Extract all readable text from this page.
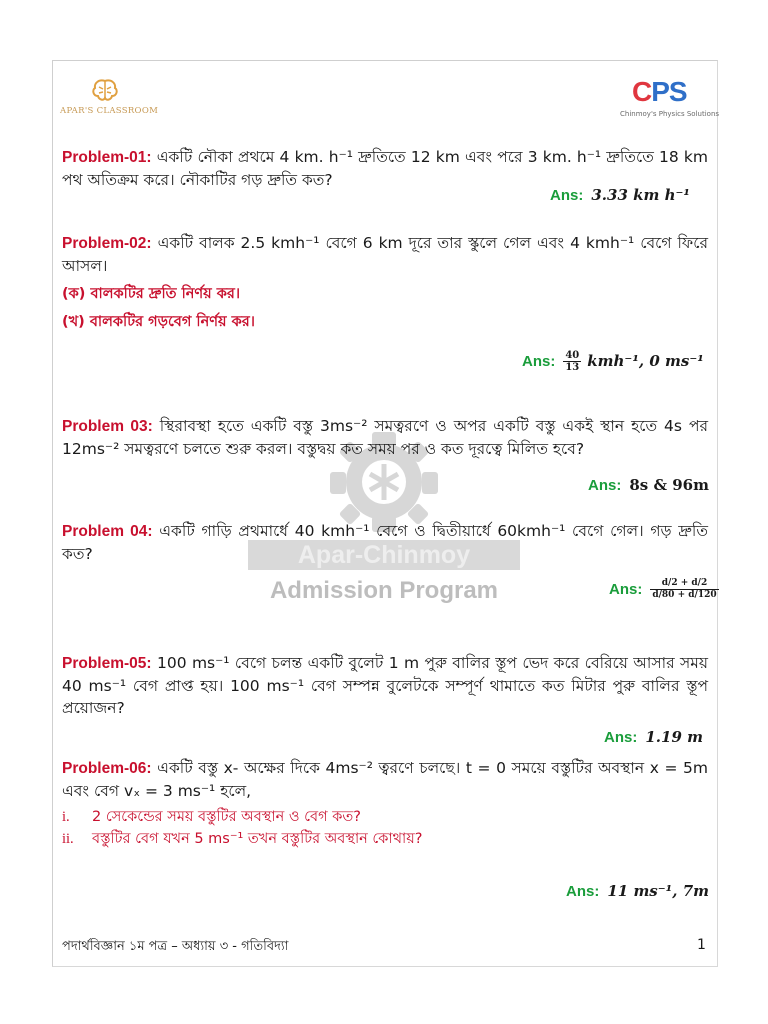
APAR'S CLASSROOM
CPS
Chinmoy's Physics Solutions
Apar-Chinmoy
Admission Program
Problem-01: একটি নৌকা প্রথমে 4 km. h⁻¹ দ্রুতিতে 12 km এবং পরে 3 km. h⁻¹ দ্রুতিতে 18 km পথ অতিক্রম করে। নৌকাটির গড় দ্রুতি কত?
Ans: 3.33 km h⁻¹
Problem-02: একটি বালক 2.5 kmh⁻¹ বেগে 6 km দূরে তার স্কুলে গেল এবং 4 kmh⁻¹ বেগে ফিরে আসল।
(ক) বালকটির দ্রুতি নির্ণয় কর।
(খ) বালকটির গড়বেগ নির্ণয় কর।
Ans: $\frac{40}{13} kmh^{-1}$, 0 ms⁻¹
Problem 03: স্থিরাবস্থা হতে একটি বস্তু 3ms⁻² সমত্বরণে ও অপর একটি বস্তু একই স্থান হতে 4s পর 12ms⁻² সমত্বরণে চলতে শুরু করল। বস্তুদ্বয় কত সময় পর ও কত দূরত্বে মিলিত হবে?
Ans: 8s & 96m
Problem 04: একটি গাড়ি প্রথমার্ধে 40 kmh⁻¹ বেগে ও দ্বিতীয়ার্ধে 60kmh⁻¹ বেগে গেল। গড় দ্রুতি কত?
Ans: $\frac{d/2 + d/2}{d/80 + d/120}$
Problem-05: 100 ms⁻¹ বেগে চলন্ত একটি বুলেট 1 m পুরু বালির স্তূপ ভেদ করে বেরিয়ে আসার সময় 40 ms⁻¹ বেগ প্রাপ্ত হয়। 100 ms⁻¹ বেগ সম্পন্ন বুলেটকে সম্পূর্ণ থামাতে কত মিটার পুরু বালির স্তূপ প্রয়োজন?
Ans: 1.19 m
Problem-06: একটি বস্তু x- অক্ষের দিকে 4ms⁻² ত্বরণে চলছে। t = 0 সময়ে বস্তুটির অবস্থান x = 5m এবং বেগ vₓ = 3 ms⁻¹ হলে,
i. 2 সেকেন্ডের সময় বস্তুটির অবস্থান ও বেগ কত?
ii. বস্তুটির বেগ যখন 5 ms⁻¹ তখন বস্তুটির অবস্থান কোথায়?
Ans: 11 ms⁻¹, 7m
পদার্থবিজ্ঞান ১ম পত্র – অধ্যায় ৩ - গতিবিদ্যা	1
